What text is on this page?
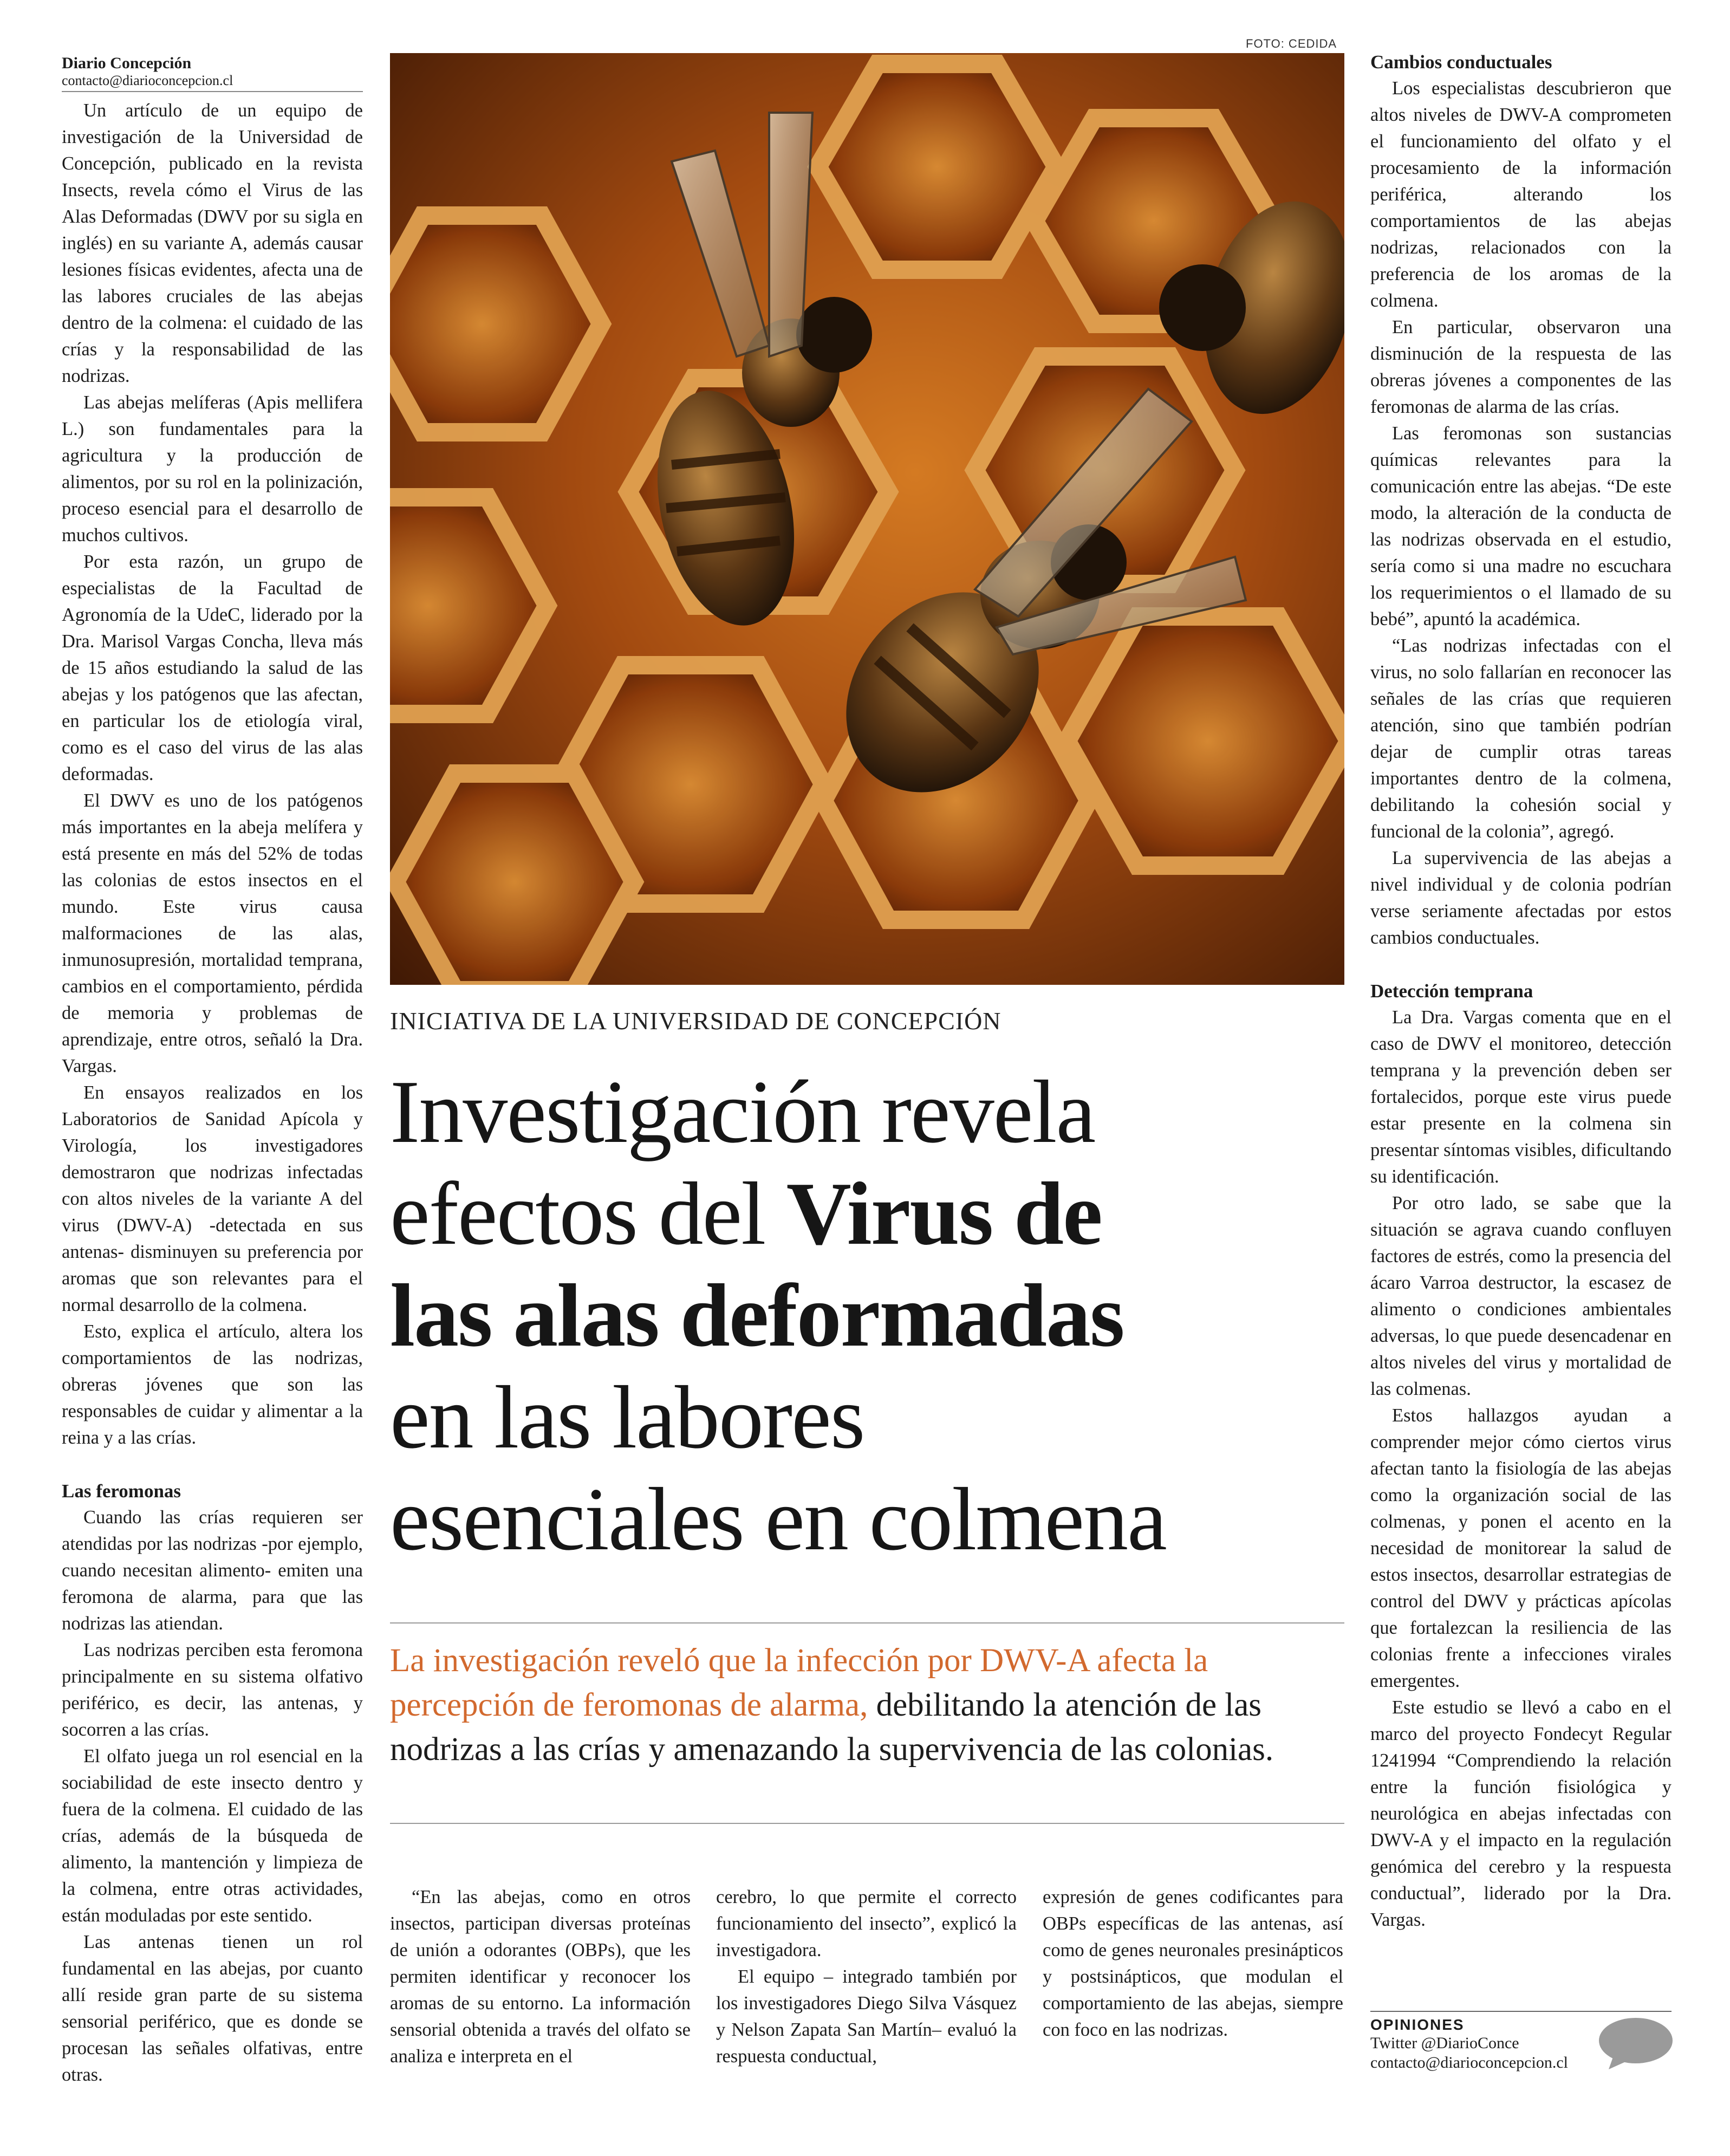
Diario Concepción
contacto@diarioconcepcion.cl

Un artículo de un equipo de investigación de la Universidad de Concepción, publicado en la revista Insects, revela cómo el Virus de las Alas Deformadas (DWV por su sigla en inglés) en su variante A, además causar lesiones físicas evidentes, afecta una de las labores cruciales de las abejas dentro de la colmena: el cuidado de las crías y la responsabilidad de las nodrizas.

Las abejas melíferas (Apis mellifera L.) son fundamentales para la agricultura y la producción de alimentos, por su rol en la polinización, proceso esencial para el desarrollo de muchos cultivos.

Por esta razón, un grupo de especialistas de la Facultad de Agronomía de la UdeC, liderado por la Dra. Marisol Vargas Concha, lleva más de 15 años estudiando la salud de las abejas y los patógenos que las afectan, en particular los de etiología viral, como es el caso del virus de las alas deformadas.

El DWV es uno de los patógenos más importantes en la abeja melífera y está presente en más del 52% de todas las colonias de estos insectos en el mundo. Este virus causa malformaciones de las alas, inmunosupresión, mortalidad temprana, cambios en el comportamiento, pérdida de memoria y problemas de aprendizaje, entre otros, señaló la Dra. Vargas.

En ensayos realizados en los Laboratorios de Sanidad Apícola y Virología, los investigadores demostraron que nodrizas infectadas con altos niveles de la variante A del virus (DWV-A) -detectada en sus antenas- disminuyen su preferencia por aromas que son relevantes para el normal desarrollo de la colmena.

Esto, explica el artículo, altera los comportamientos de las nodrizas, obreras jóvenes que son las responsables de cuidar y alimentar a la reina y a las crías.

Las feromonas

Cuando las crías requieren ser atendidas por las nodrizas -por ejemplo, cuando necesitan alimento- emiten una feromona de alarma, para que las nodrizas las atiendan.

Las nodrizas perciben esta feromona principalmente en su sistema olfativo periférico, es decir, las antenas, y socorren a las crías.

El olfato juega un rol esencial en la sociabilidad de este insecto dentro y fuera de la colmena. El cuidado de las crías, además de la búsqueda de alimento, la mantención y limpieza de la colmena, entre otras actividades, están moduladas por este sentido.

Las antenas tienen un rol fundamental en las abejas, por cuanto allí reside gran parte de su sistema sensorial periférico, que es donde se procesan las señales olfativas, entre otras.

FOTO: CEDIDA
INICIATIVA DE LA UNIVERSIDAD DE CONCEPCIÓN
Investigación revela
efectos del Virus de
las alas deformadas
en las labores
esenciales en colmena
La investigación reveló que la infección por DWV-A afecta la percepción de feromonas de alarma, debilitando la atención de las nodrizas a las crías y amenazando la supervivencia de las colonias.

“En las abejas, como en otros insectos, participan diversas proteínas de unión a odorantes (OBPs), que les permiten identificar y reconocer los aromas de su entorno. La información sensorial obtenida a través del olfato se analiza e interpreta en el

cerebro, lo que permite el correcto funcionamiento del insecto”, explicó la investigadora.

El equipo – integrado también por los investigadores Diego Silva Vásquez y Nelson Zapata San Martín– evaluó la respuesta conductual,

expresión de genes codificantes para OBPs específicas de las antenas, así como de genes neuronales presinápticos y postsinápticos, que modulan el comportamiento de las abejas, siempre con foco en las nodrizas.

Cambios conductuales

Los especialistas descubrieron que altos niveles de DWV-A comprometen el funcionamiento del olfato y el procesamiento de la información periférica, alterando los comportamientos de las abejas nodrizas, relacionados con la preferencia de los aromas de la colmena.

En particular, observaron una disminución de la respuesta de las obreras jóvenes a componentes de las feromonas de alarma de las crías.

Las feromonas son sustancias químicas relevantes para la comunicación entre las abejas. “De este modo, la alteración de la conducta de las nodrizas observada en el estudio, sería como si una madre no escuchara los requerimientos o el llamado de su bebé”, apuntó la académica.

“Las nodrizas infectadas con el virus, no solo fallarían en reconocer las señales de las crías que requieren atención, sino que también podrían dejar de cumplir otras tareas importantes dentro de la colmena, debilitando la cohesión social y funcional de la colonia”, agregó.

La supervivencia de las abejas a nivel individual y de colonia podrían verse seriamente afectadas por estos cambios conductuales.

Detección temprana

La Dra. Vargas comenta que en el caso de DWV el monitoreo, detección temprana y la prevención deben ser fortalecidos, porque este virus puede estar presente en la colmena sin presentar síntomas visibles, dificultando su identificación.

Por otro lado, se sabe que la situación se agrava cuando confluyen factores de estrés, como la presencia del ácaro Varroa destructor, la escasez de alimento o condiciones ambientales adversas, lo que puede desencadenar en altos niveles del virus y mortalidad de las colmenas.

Estos hallazgos ayudan a comprender mejor cómo ciertos virus afectan tanto la fisiología de las abejas como la organización social de las colmenas, y ponen el acento en la necesidad de monitorear la salud de estos insectos, desarrollar estrategias de control del DWV y prácticas apícolas que fortalezcan la resiliencia de las colonias frente a infecciones virales emergentes.

Este estudio se llevó a cabo en el marco del proyecto Fondecyt Regular 1241994 “Comprendiendo la relación entre la función fisiológica y neurológica en abejas infectadas con DWV-A y el impacto en la regulación genómica del cerebro y la respuesta conductual”, liderado por la Dra. Vargas.

OPINIONES
Twitter @DiarioConce
contacto@diarioconcepcion.cl
